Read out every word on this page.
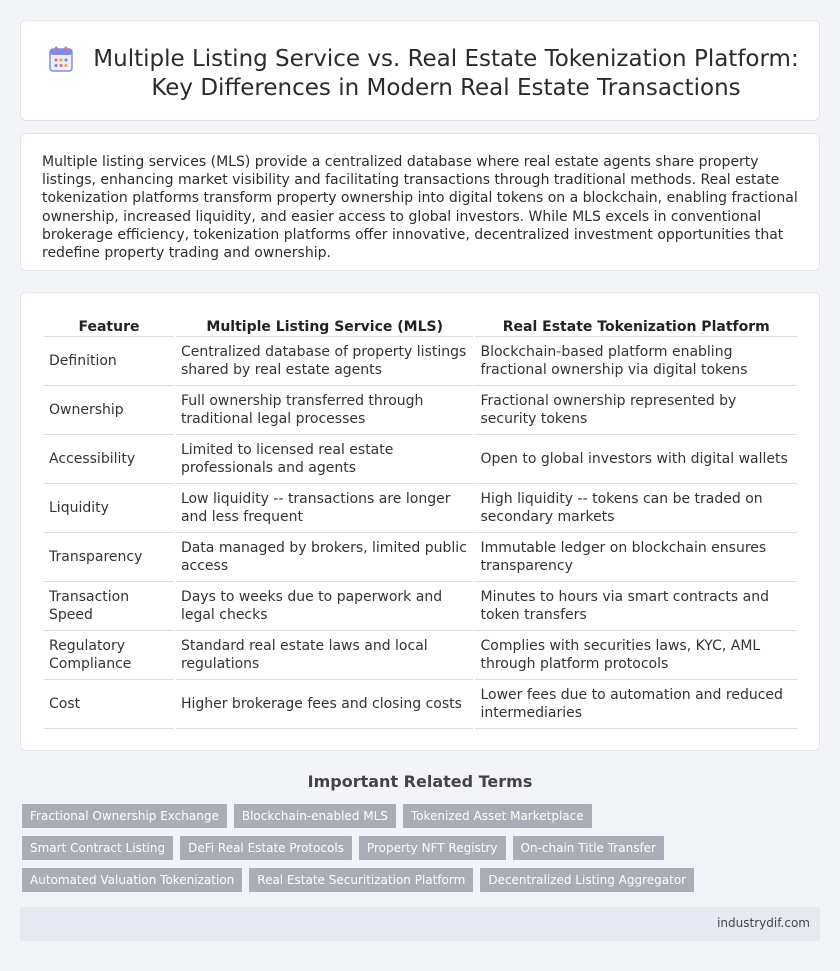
Multiple Listing Service vs. Real Estate Tokenization Platform: Key Differences in Modern Real Estate Transactions

Multiple listing services (MLS) provide a centralized database where real estate agents share property listings, enhancing market visibility and facilitating transactions through traditional methods. Real estate tokenization platforms transform property ownership into digital tokens on a blockchain, enabling fractional ownership, increased liquidity, and easier access to global investors. While MLS excels in conventional brokerage efficiency, tokenization platforms offer innovative, decentralized investment opportunities that redefine property trading and ownership.

Feature	Multiple Listing Service (MLS)	Real Estate Tokenization Platform
Definition	Centralized database of property listings shared by real estate agents	Blockchain-based platform enabling fractional ownership via digital tokens
Ownership	Full ownership transferred through traditional legal processes	Fractional ownership represented by security tokens
Accessibility	Limited to licensed real estate professionals and agents	Open to global investors with digital wallets
Liquidity	Low liquidity -- transactions are longer and less frequent	High liquidity -- tokens can be traded on secondary markets
Transparency	Data managed by brokers, limited public access	Immutable ledger on blockchain ensures transparency
Transaction Speed	Days to weeks due to paperwork and legal checks	Minutes to hours via smart contracts and token transfers
Regulatory Compliance	Standard real estate laws and local regulations	Complies with securities laws, KYC, AML through platform protocols
Cost	Higher brokerage fees and closing costs	Lower fees due to automation and reduced intermediaries
Important Related Terms
Fractional Ownership Exchange	Blockchain-enabled MLS	Tokenized Asset Marketplace
Smart Contract Listing	DeFi Real Estate Protocols	Property NFT Registry	On-chain Title Transfer
Automated Valuation Tokenization	Real Estate Securitization Platform	Decentralized Listing Aggregator
industrydif.com
